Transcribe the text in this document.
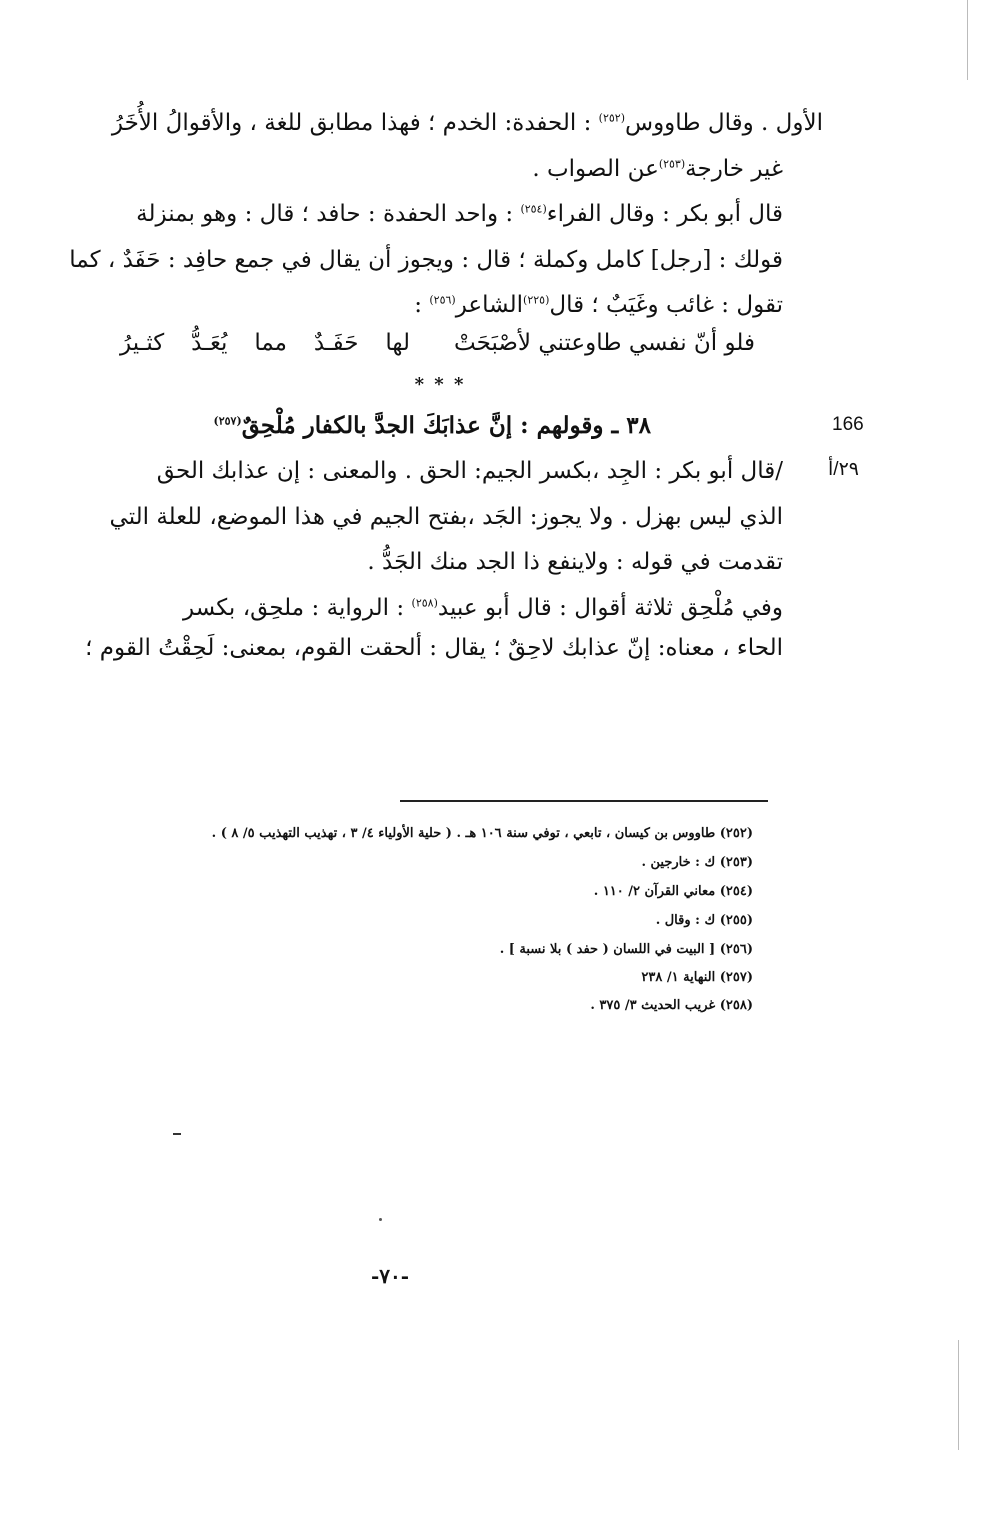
الأول . وقال طاووس$^{(٢٥٢)}$ : الحفدة: الخدم ؛ فهذا مطابق للغة ، والأقوالُ الأُخَرُ
غير خارجة$^{(٢٥٣)}$عن الصواب .
قال أبو بكر : وقال الفراء$^{(٢٥٤)}$ : واحد الحفدة : حافد ؛ قال : وهو بمنزلة
قولك : [رجل] كامل وكملة ؛ قال : ويجوز أن يقال في جمع حافِد : حَفَدٌ ، كما
تقول : غائب وغَيَبٌ ؛ قال$^{(٢٢٥)}$الشاعر$^{(٢٥٦)}$ :
فلو أنّ نفسي طاوعتني لأصْبَحَتْ
لها حَفَـدٌ مما يُعَـدُّ كثـيرُ
* * *
166
٣٨ ـ وقولهم : إنَّ عذابَكَ الجدَّ بالكفار مُلْحِقٌ$^{(٢٥٧)}$
٢٩/أ
/قال أبو بكر : الجِد ،بكسر الجيم: الحق . والمعنى : إن عذابك الحق
الذي ليس بهزل . ولا يجوز: الجَد ،بفتح الجيم في هذا الموضع، للعلة التي
تقدمت في قوله : ولاينفع ذا الجد منك الجَدُّ .
وفي مُلْحِق ثلاثة أقوال : قال أبو عبيد$^{(٢٥٨)}$ : الرواية : ملحِق، بكسر
الحاء ، معناه: إنّ عذابك لاحِقٌ ؛ يقال : ألحقت القوم، بمعنى: لَحِقْتُ القوم ؛
(٢٥٢) طاووس بن كيسان ، تابعي ، توفي سنة ١٠٦ هـ . ( حلية الأولياء ٤/ ٣ ، تهذيب التهذيب ٥/ ٨ ) .
(٢٥٣) ك : خارجين .
(٢٥٤) معاني القرآن ٢/ ١١٠ .
(٢٥٥) ك : وقال .
(٢٥٦) [ البيت في اللسان ( حفد ) بلا نسبة ] .
(٢٥٧) النهاية ١/ ٢٣٨
(٢٥٨) غريب الحديث ٣/ ٣٧٥ .
-٧٠-
